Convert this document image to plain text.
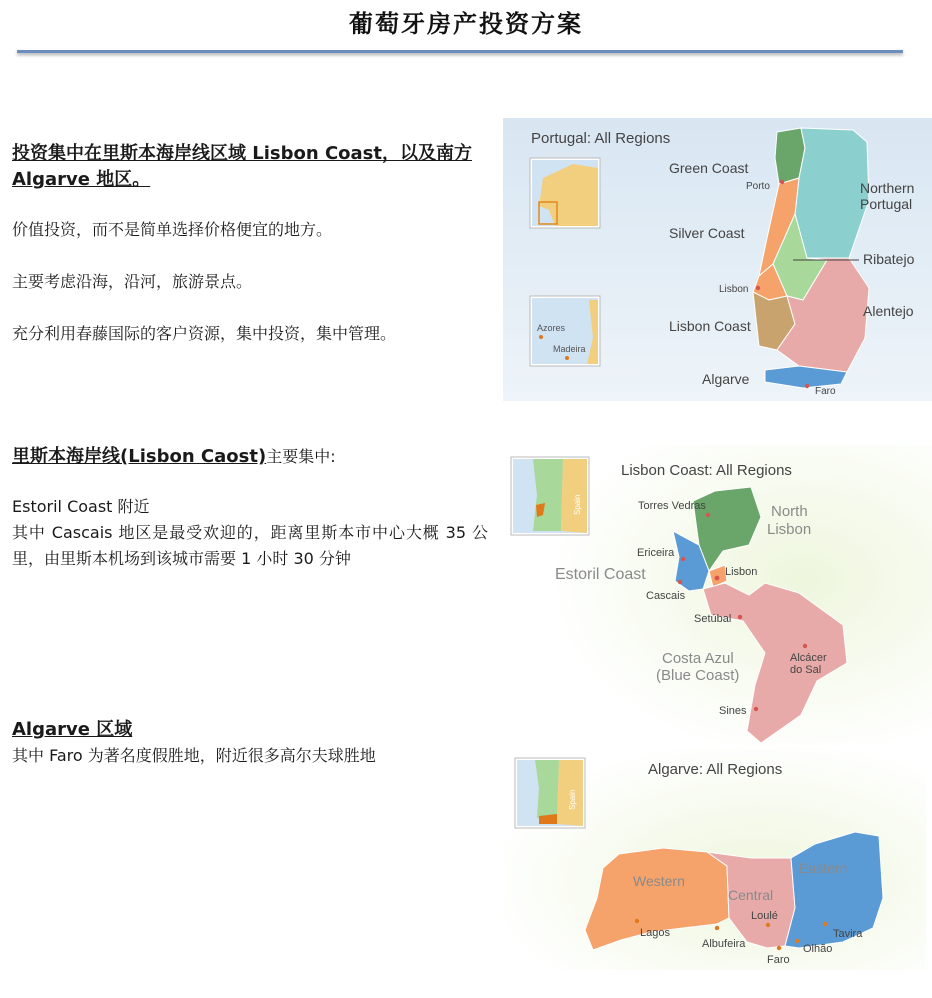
葡萄牙房产投资方案

投资集中在里斯本海岸线区域 Lisbon Coast，以及南方 Algarve 地区。

价值投资，而不是简单选择价格便宜的地方。

主要考虑沿海，沿河，旅游景点。

充分利用春藤国际的客户资源，集中投资，集中管理。

里斯本海岸线(Lisbon Caost)主要集中:

Estoril Coast 附近

其中 Cascais 地区是最受欢迎的，距离里斯本市中心大概 35 公里，由里斯本机场到该城市需要 1 小时 30 分钟

Algarve 区域

其中 Faro 为著名度假胜地，附近很多高尔夫球胜地

Portugal: All Regions
Azores
Madeira
Green Coast
Porto	Northern
Portugal
Silver Coast
Ribatejo
Lisbon
Alentejo
Lisbon Coast
Algarve
Faro
Spain
Lisbon Coast: All Regions
Torres Vedras	North
Lisbon
Ericeira
Estoril Coast	Lisbon
Cascais
Setúbal
Costa Azul
(Blue Coast)
Alcácer
do Sal
Sines
Spain
Algarve: All Regions
Western
Central
Eastern
Loulé
Lagos
Albufeira
Faro
Olhão
Tavira
